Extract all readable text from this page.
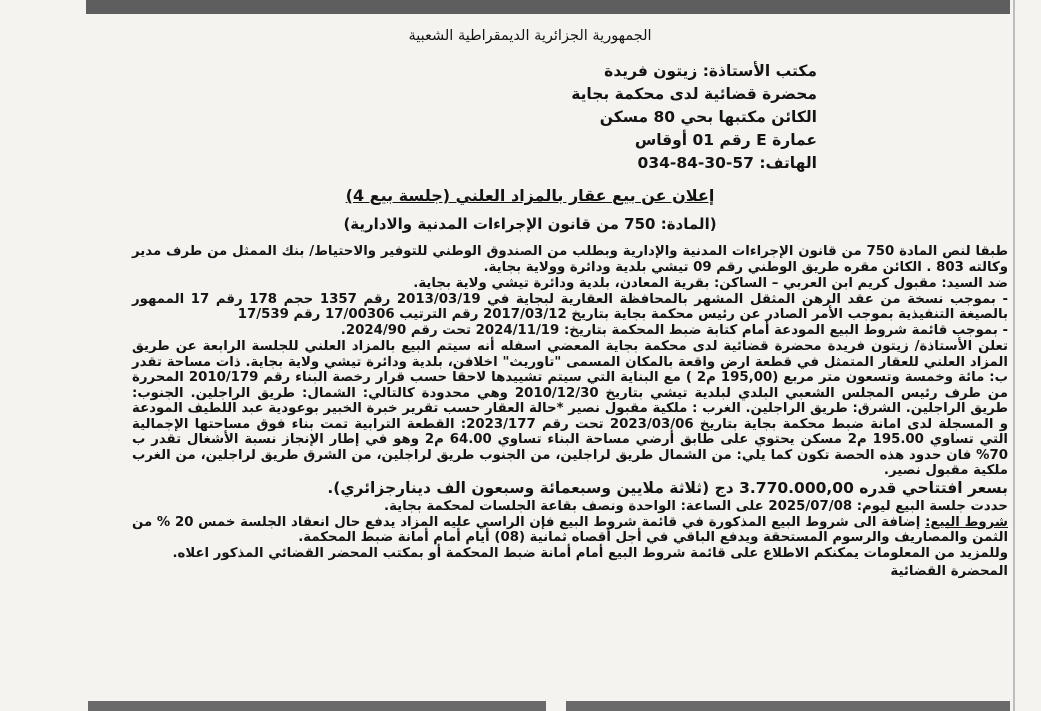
الجمهورية الجزائرية الديمقراطية الشعبية
مكتب الأستاذة: زيتون فريدة
محضرة قضائية لدى محكمة بجاية
الكائن مكتبها بحي 80 مسكن
عمارة E رقم 01 أوقاس
الهاتف: 57-30-84-034
إعلان عن بيع عقار بالمزاد العلني (جلسة بيع 4)
(المادة: 750 من قانون الإجراءات المدنية والادارية)

طبقا لنص المادة 750 من قانون الإجراءات المدنية والإدارية وبطلب من الصندوق الوطني للتوفير والاحتياط/ بنك الممثل من طرف مدير وكالته 803 . الكائن مقره طريق الوطني رقم 09 تيشي بلدية ودائرة وولاية بجاية.

ضد السيد: مقبول كريم ابن العربي – الساكن: بقرية المعادن، بلدية ودائرة تيشي ولاية بجاية.

- بموجب نسخة من عقد الرهن المثقل المشهر بالمحافظة العقارية لبجاية في 2013/03/19 رقم 1357 حجم 178 رقم 17 الممهور بالصيغة التنفيذية بموجب الأمر الصادر عن رئيس محكمة بجاية بتاريخ 2017/03/12 رقم الترتيب 17/00306 رقم 17/539

- بموجب قائمة شروط البيع المودعة أمام كتابة ضبط المحكمة بتاريخ: 2024/11/19 تحت رقم 2024/90.

تعلن الأستاذة/ زيتون فريدة محضرة قضائية لدى محكمة بجاية المعضي اسفله أنه سيتم البيع بالمزاد العلني للجلسة الرابعة عن طريق المزاد العلني للعقار المتمثل في قطعة ارض واقعة بالمكان المسمى "تاوريث" اخلافن، بلدية ودائرة تيشي ولاية بجاية. ذات مساحة تقدر ب: مائة وخمسة وتسعون متر مربع (195,00 م2 ) مع البناية التي سيتم تشييدها لاحقا حسب قرار رخصة البناء رقم 2010/179 المحررة من طرف رئيس المجلس الشعبي البلدي لبلدية تيشي بتاريخ 2010/12/30 وهي محدودة كالتالي: الشمال: طريق الراجلين. الجنوب: طريق الراجلين. الشرق: طريق الراجلين. الغرب : ملكية مقبول نصير *حالة العقار حسب تقرير خبرة الخبير بوعودية عبد اللطيف المودعة و المسجلة لدى امانة ضبط محكمة بجاية بتاريخ 2023/03/06 تحت رقم 2023/177: القطعة الترابية تمت بناء فوق مساحتها الإجمالية التي تساوي 195.00 م2 مسكن يحتوي على طابق أرضي مساحة البناء تساوي 64.00 م2 وهو في إطار الإنجاز نسبة الأشغال تقدر ب 70% فان حدود هذه الحصة تكون كما يلي: من الشمال طريق لراجلين، من الجنوب طريق لراجلين، من الشرق طريق لراجلين، من الغرب ملكية مقبول نصير.

بسعر افتتاحي قدره 3.770.000,00 دج (ثلاثة ملايين وسبعمائة وسبعون الف دينارجزائري).

حددت جلسة البيع ليوم: 2025/07/08 على الساعة: الواحدة ونصف بقاعة الجلسات لمحكمة بجاية.

شروط البيع: إضافة الى شروط البيع المذكورة في قائمة شروط البيع فإن الراسي عليه المزاد يدفع حال انعقاد الجلسة خمس 20 % من الثمن والمصاريف والرسوم المستحقة ويدفع الباقي في أجل أقصاه ثمانية (08) أيام أمام أمانة ضبط المحكمة.

وللمزيد من المعلومات يمكنكم الاطلاع على قائمة شروط البيع أمام أمانة ضبط المحكمة أو بمكتب المحضر القضائي المذكور اعلاه.

المحضرة القضائية
